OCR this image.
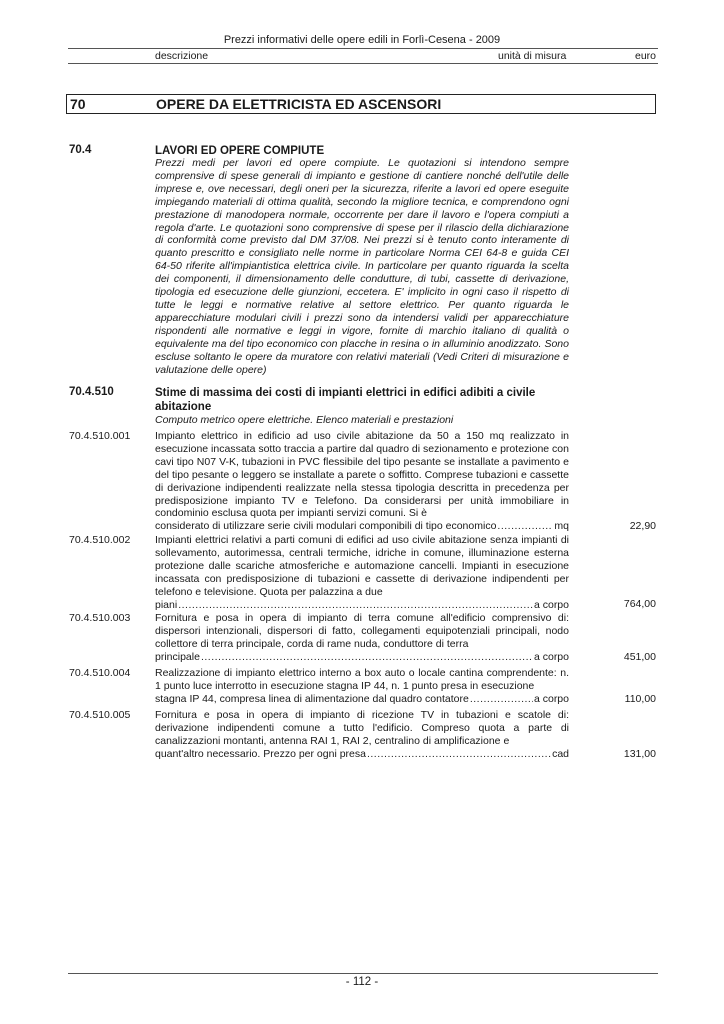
Prezzi informativi delle opere edili in Forlì-Cesena - 2009
descrizione	unità di misura	euro
70	OPERE DA ELETTRICISTA ED ASCENSORI
70.4	LAVORI ED OPERE COMPIUTE
Prezzi medi per lavori ed opere compiute. Le quotazioni si intendono sempre comprensive di spese generali di impianto e gestione di cantiere nonché dell'utile delle imprese e, ove necessari, degli oneri per la sicurezza, riferite a lavori ed opere eseguite impiegando materiali di ottima qualità, secondo la migliore tecnica, e comprendono ogni prestazione di manodopera normale, occorrente per dare il lavoro e l'opera compiuti a regola d'arte. Le quotazioni sono comprensive di spese per il rilascio della dichiarazione di conformità come previsto dal DM 37/08. Nei prezzi si è tenuto conto interamente di quanto prescritto e consigliato nelle norme in particolare Norma CEI 64-8 e guida CEI 64-50 riferite all'impiantistica elettrica civile. In particolare per quanto riguarda la scelta dei componenti, il dimensionamento delle condutture, di tubi, cassette di derivazione, tipologia ed esecuzione delle giunzioni, eccetera. E' implicito in ogni caso il rispetto di tutte le leggi e normative relative al settore elettrico. Per quanto riguarda le apparecchiature modulari civili i prezzi sono da intendersi validi per apparecchiature rispondenti alle normative e leggi in vigore, fornite di marchio italiano di qualità o equivalente ma del tipo economico con placche in resina o in alluminio anodizzato. Sono escluse soltanto le opere da muratore con relativi materiali (Vedi Criteri di misurazione e valutazione delle opere)
70.4.510	Stime di massima dei costi di impianti elettrici in edifici adibiti a civile abitazione
Computo metrico opere elettriche. Elenco materiali e prestazioni
70.4.510.001 Impianto elettrico in edificio ad uso civile abitazione da 50 a 150 mq realizzato in esecuzione incassata sotto traccia a partire dal quadro di sezionamento e protezione con cavi tipo N07 V-K, tubazioni in PVC flessibile del tipo pesante se installate a pavimento e del tipo pesante o leggero se installate a parete o soffitto. Comprese tubazioni e cassette di derivazione indipendenti realizzate nella stessa tipologia descritta in precedenza per predisposizione impianto TV e Telefono. Da considerarsi per unità immobiliare in condominio esclusa quota per impianti servizi comuni. Si è
considerato di utilizzare serie civili modulari componibili di tipo economico .....	mq	22,90
70.4.510.002 Impianti elettrici relativi a parti comuni di edifici ad uso civile abitazione senza impianti di sollevamento, autorimessa, centrali termiche, idriche in comune, illuminazione esterna protezione dalle scariche atmosferiche e automazione cancelli. Impianti in esecuzione incassata con predisposizione di tubazioni e cassette di derivazione indipendenti per telefono e televisione. Quota per palazzina a due
piani .....	a corpo	764,00
70.4.510.003 Fornitura e posa in opera di impianto di terra comune all'edificio comprensivo di: dispersori intenzionali, dispersori di fatto, collegamenti equipotenziali principali, nodo collettore di terra principale, corda di rame nuda, conduttore di terra
principale .....	a corpo	451,00
70.4.510.004 Realizzazione di impianto elettrico interno a box auto o locale cantina comprendente: n. 1 punto luce interrotto in esecuzione stagna IP 44, n. 1 punto presa in esecuzione
stagna IP 44, compresa linea di alimentazione dal quadro contatore .....	a corpo	110,00
70.4.510.005 Fornitura e posa in opera di impianto di ricezione TV in tubazioni e scatole di: derivazione indipendenti comune a tutto l'edificio. Compreso quota a parte di canalizzazioni montanti, antenna RAI 1, RAI 2, centralino di amplificazione e
quant'altro necessario. Prezzo per ogni presa .....	cad	131,00
- 112 -
